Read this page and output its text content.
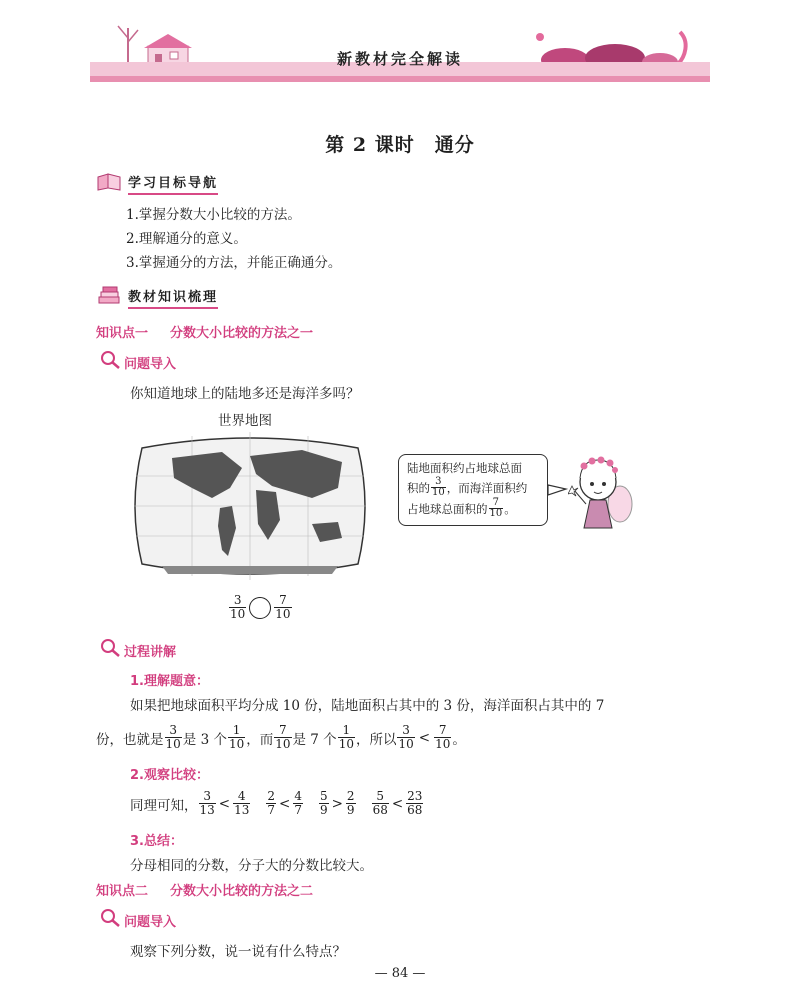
新教材完全解读
第 2 课时　通分
学习目标导航
1.掌握分数大小比较的方法。
2.理解通分的意义。
3.掌握通分的方法，并能正确通分。
教材知识梳理
知识点一 分数大小比较的方法之一
问题导入
你知道地球上的陆地多还是海洋多吗？
世界地图
$\frac{3}{10} \frac{7}{10}$
陆地面积约占地球总面
积的 $\frac{3}{10}$ ，而海洋面积约
占地球总面积的 $\frac{7}{10}$ 。
过程讲解
1.理解题意：
如果把地球面积平均分成 10 份，陆地面积占其中的 3 份，海洋面积占其中的 7
份，也就是 $\frac{3}{10}$ 是 3 个 $\frac{1}{10}$ ，而 $\frac{7}{10}$ 是 7 个 $\frac{1}{10}$ ，所以 $\frac{3}{10} < \frac{7}{10}$ 。
2.观察比较：
同理可知， $\frac{3}{13} < \frac{4}{13} \frac{2}{7} < \frac{4}{7} \frac{5}{9} > \frac{2}{9} \frac{5}{68} < \frac{23}{68}$
3.总结：
分母相同的分数，分子大的分数比较大。
知识点二 分数大小比较的方法之二
问题导入
观察下列分数，说一说有什么特点？
— 84 —
